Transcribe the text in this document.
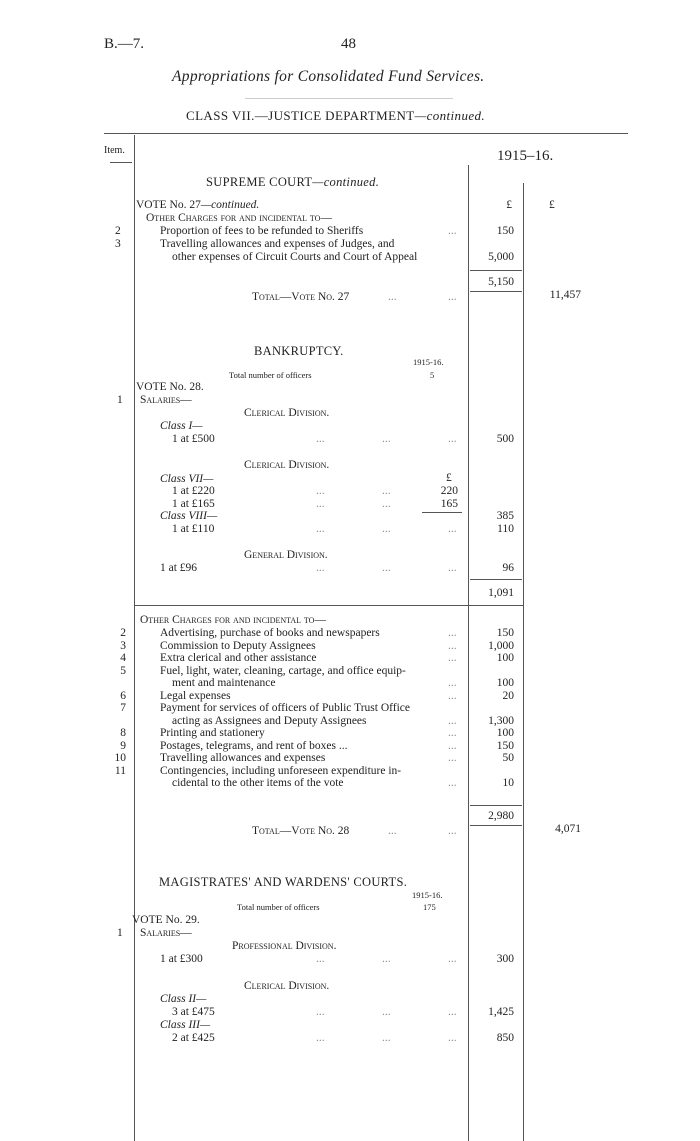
B.—7.	48
Appropriations for Consolidated Fund Services.
CLASS VII.—JUSTICE DEPARTMENT—continued.
Item.	1915–16.
SUPREME COURT—continued.
£	£
VOTE No. 27—continued.
Other Charges for and incidental to—
2	Proportion of fees to be refunded to Sheriffs	...	150
3	Travelling allowances and expenses of Judges, and
other expenses of Circuit Courts and Court of Appeal	5,000
5,150
Total—Vote No. 27	...	...	11,457
BANKRUPTCY.
1915-16.
Total number of officers	5
VOTE No. 28.
1 Salaries—
Clerical Division.
Class I—
1 at £500	...	...	...	500
Clerical Division.
£
Class VII—
1 at £220	...	...	220
1 at £165	...	...	165
Class VIII—	385
1 at £110	...	...	...	110
General Division.
1 at £96	...	...	...	96
1,091
Other Charges for and incidental to—
2	Advertising, purchase of books and newspapers	...	150
3	Commission to Deputy Assignees	...	1,000
4	Extra clerical and other assistance	...	100
5	Fuel, light, water, cleaning, cartage, and office equip-
ment and maintenance	...	100
6	Legal expenses	...	20
7	Payment for services of officers of Public Trust Office
acting as Assignees and Deputy Assignees	...	1,300
8	Printing and stationery	...	100
9	Postages, telegrams, and rent of boxes ...	...	150
10	Travelling allowances and expenses	...	50
11	Contingencies, including unforeseen expenditure in-
cidental to the other items of the vote	...	10
2,980
Total—Vote No. 28	...	...	4,071
MAGISTRATES' AND WARDENS' COURTS.
1915-16.
Total number of officers	175
VOTE No. 29.
1 Salaries—
Professional Division.
1 at £300	...	...	...	300
Clerical Division.
Class II—
3 at £475	...	...	...	1,425
Class III—
2 at £425	...	...	...	850
